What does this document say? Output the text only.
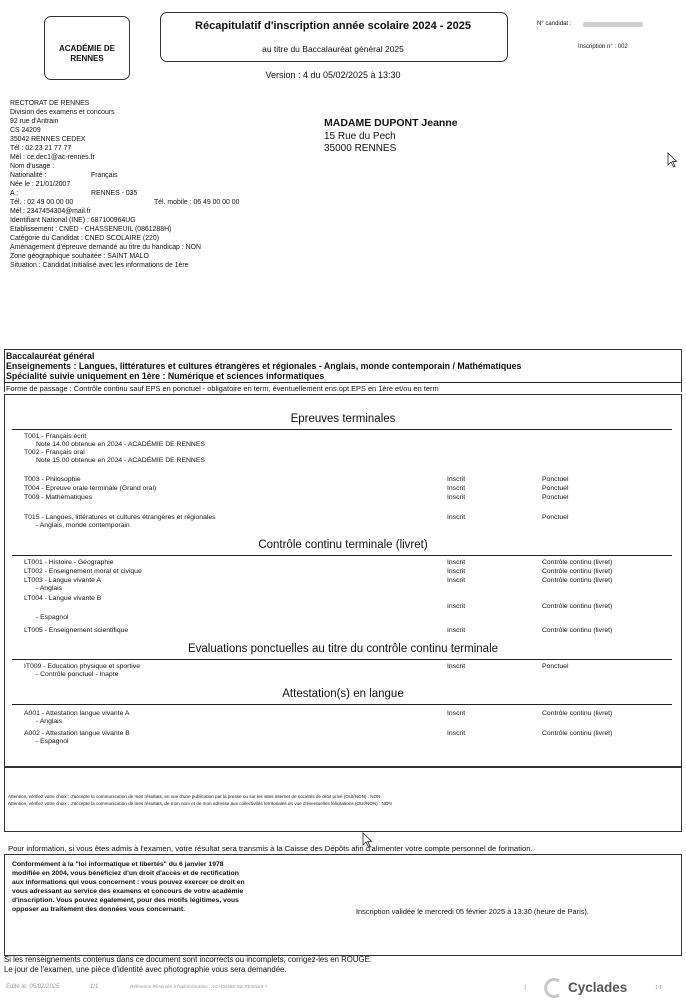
ACADÉMIE DE
RENNES
Récapitulatif d'inscription année scolaire 2024 - 2025
au titre du Baccalauréat général 2025
Version : 4 du 05/02/2025 à 13:30
N° candidat :
Inscription n° : 002
RECTORAT DE RENNES
Division des examens et concours
92 rue d'Antrain
CS 24209
35042 RENNES CEDEX
Tél : 02 23 21 77 77
Mél : ce.dec1@ac-rennes.fr
MADAME DUPONT Jeanne
15 Rue du Pech
35000 RENNES
Nom d'usage :
Nationalité :	Français
Née le : 21/01/2007
A :	RENNES - 035
Tél. : 02 49 00 00 00	Tél. mobile : 06 49 00 00 00
Mél : 2347454304@mail.fr
Identifiant National (INE) : 687100964UG
Etablissement : CNED - CHASSENEUIL (0861288H)
Catégorie du Candidat : CNED SCOLAIRE (220)
Aménagement d'épreuve demandé au titre du handicap : NON
Zone géographique souhaitée : SAINT MALO
Situation : Candidat initialisé avec les informations de 1ère
Baccalauréat général
Enseignements : Langues, littératures et cultures étrangères et régionales - Anglais, monde contemporain / Mathématiques
Spécialité suivie uniquement en 1ère : Numérique et sciences informatiques
Forme de passage : Contrôle continu sauf EPS en ponctuel - obligatoire en term, éventuellement ens.opt.EPS en 1ère et/ou en term
Epreuves terminales
T001 - Français écrit
Note 14.00 obtenue en 2024 - ACADÉMIE DE RENNES
T002 - Français oral
Note 15.00 obtenue en 2024 - ACADÉMIE DE RENNES
T003 - Philosophie	Inscrit	Ponctuel
T004 - Epreuve orale terminale (Grand oral)	Inscrit	Ponctuel
T009 - Mathématiques	Inscrit	Ponctuel
T015 - Langues, littératures et cultures étrangères et régionales	Inscrit	Ponctuel
- Anglais, monde contemporain
Contrôle continu terminale (livret)
LT001 - Histoire - Géographie	Inscrit	Contrôle continu (livret)
LT002 - Enseignement moral et civique	Inscrit	Contrôle continu (livret)
LT003 - Langue vivante A	Inscrit	Contrôle continu (livret)
- Anglais
LT004 - Langue vivante B
Inscrit	Contrôle continu (livret)
- Espagnol
LT005 - Enseignement scientifique	Inscrit	Contrôle continu (livret)
Evaluations ponctuelles au titre du contrôle continu terminale
IT009 - Education physique et sportive	Inscrit	Ponctuel
- Contrôle ponctuel - Inapte
Attestation(s) en langue
A001 - Attestation langue vivante A	Inscrit	Contrôle continu (livret)
- Anglais
A002 - Attestation langue vivante B	Inscrit	Contrôle continu (livret)
- Espagnol
Attention, vérifiez votre choix : J'accepte la communication de mes résultats, en vue d'une publication par la presse ou sur les sites internet de sociétés de droit privé (OUI/NON) : NON
Attention, vérifiez votre choix : J'accepte la communication de mes résultats, de mon nom et de mon adresse aux collectivités territoriales en vue d'éventuelles félicitations (OUI/NON) : NON
Pour information, si vous êtes admis à l'examen, votre résultat sera transmis à la Caisse des Dépôts afin d'alimenter votre compte personnel de formation.
Conformément à la "loi informatique et libertés" du 6 janvier 1978
modifiée en 2004, vous bénéficiez d'un droit d'accès et de rectification
aux informations qui vous concernent : vous pouvez exercer ce droit en
vous adressant au service des examens et concours de votre académie
d'inscription. Vous pouvez également, pour des motifs légitimes, vous
opposer au traitement des données vous concernant.	Inscription validée le mercredi 05 février 2025 à 13:30 (heure de Paris).
Si les renseignements contenus dans ce document sont incorrects ou incomplets, corrigez-les en ROUGE.
Le jour de l'examen, une pièce d'identité avec photographie vous sera demandée.
Edité le: 05/02/2025	1/1	Référence Réservée à l'administration : ACADÉMIE DE RENNES ?	1	Cyclades	1/1
